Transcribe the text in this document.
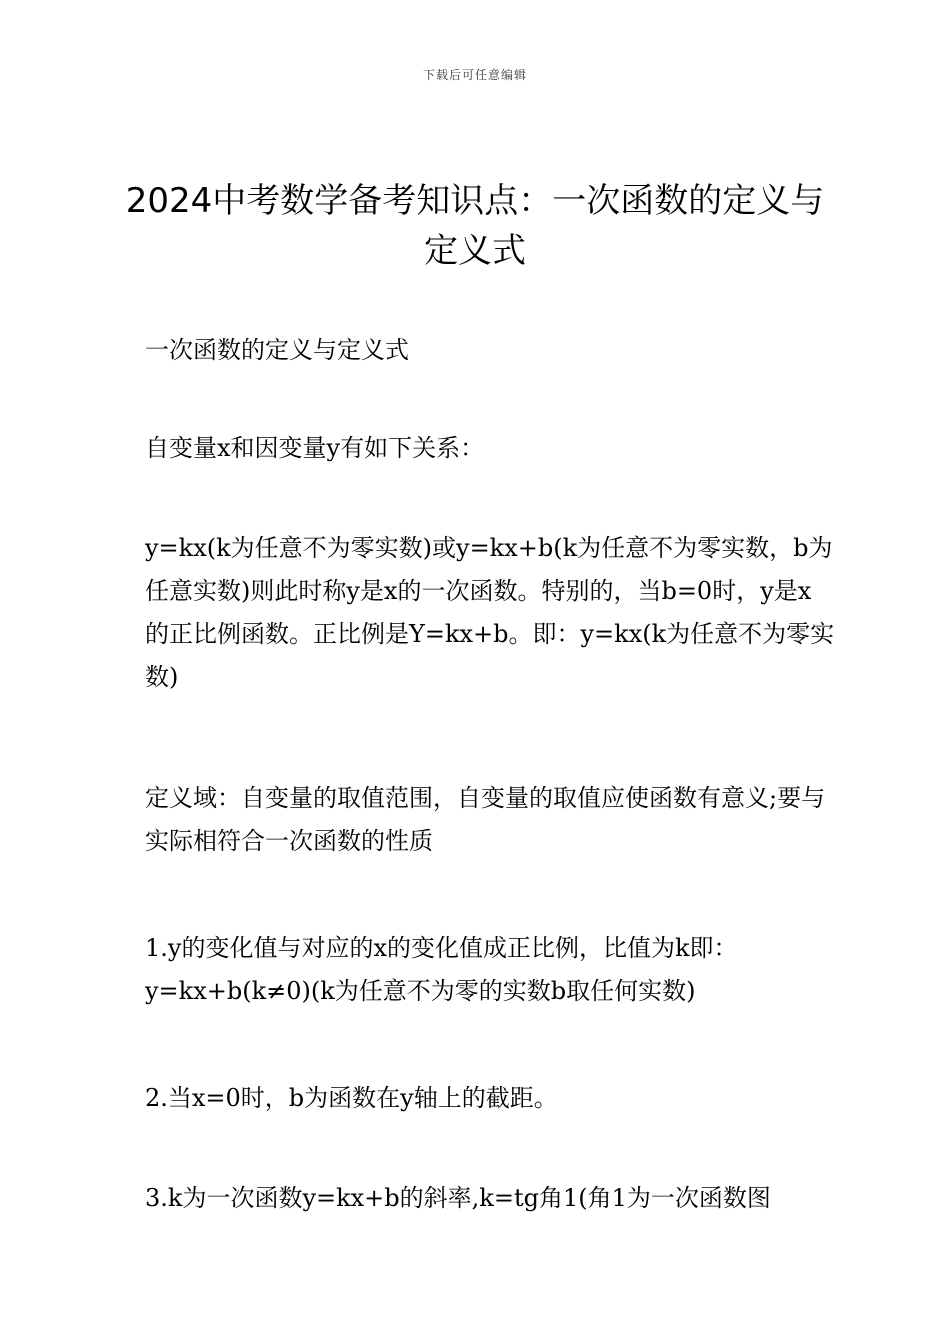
下载后可任意编辑
2024中考数学备考知识点：一次函数的定义与定义式

一次函数的定义与定义式

自变量x和因变量y有如下关系：

y=kx(k为任意不为零实数)或y=kx+b(k为任意不为零实数，b为任意实数)则此时称y是x的一次函数。特别的，当b=0时，y是x的正比例函数。正比例是Y=kx+b。即：y=kx(k为任意不为零实数)

定义域：自变量的取值范围，自变量的取值应使函数有意义;要与实际相符合一次函数的性质

1.y的变化值与对应的x的变化值成正比例，比值为k即：y=kx+b(k≠0)(k为任意不为零的实数b取任何实数)

2.当x=0时，b为函数在y轴上的截距。

3.k为一次函数y=kx+b的斜率,k=tg角1(角1为一次函数图
